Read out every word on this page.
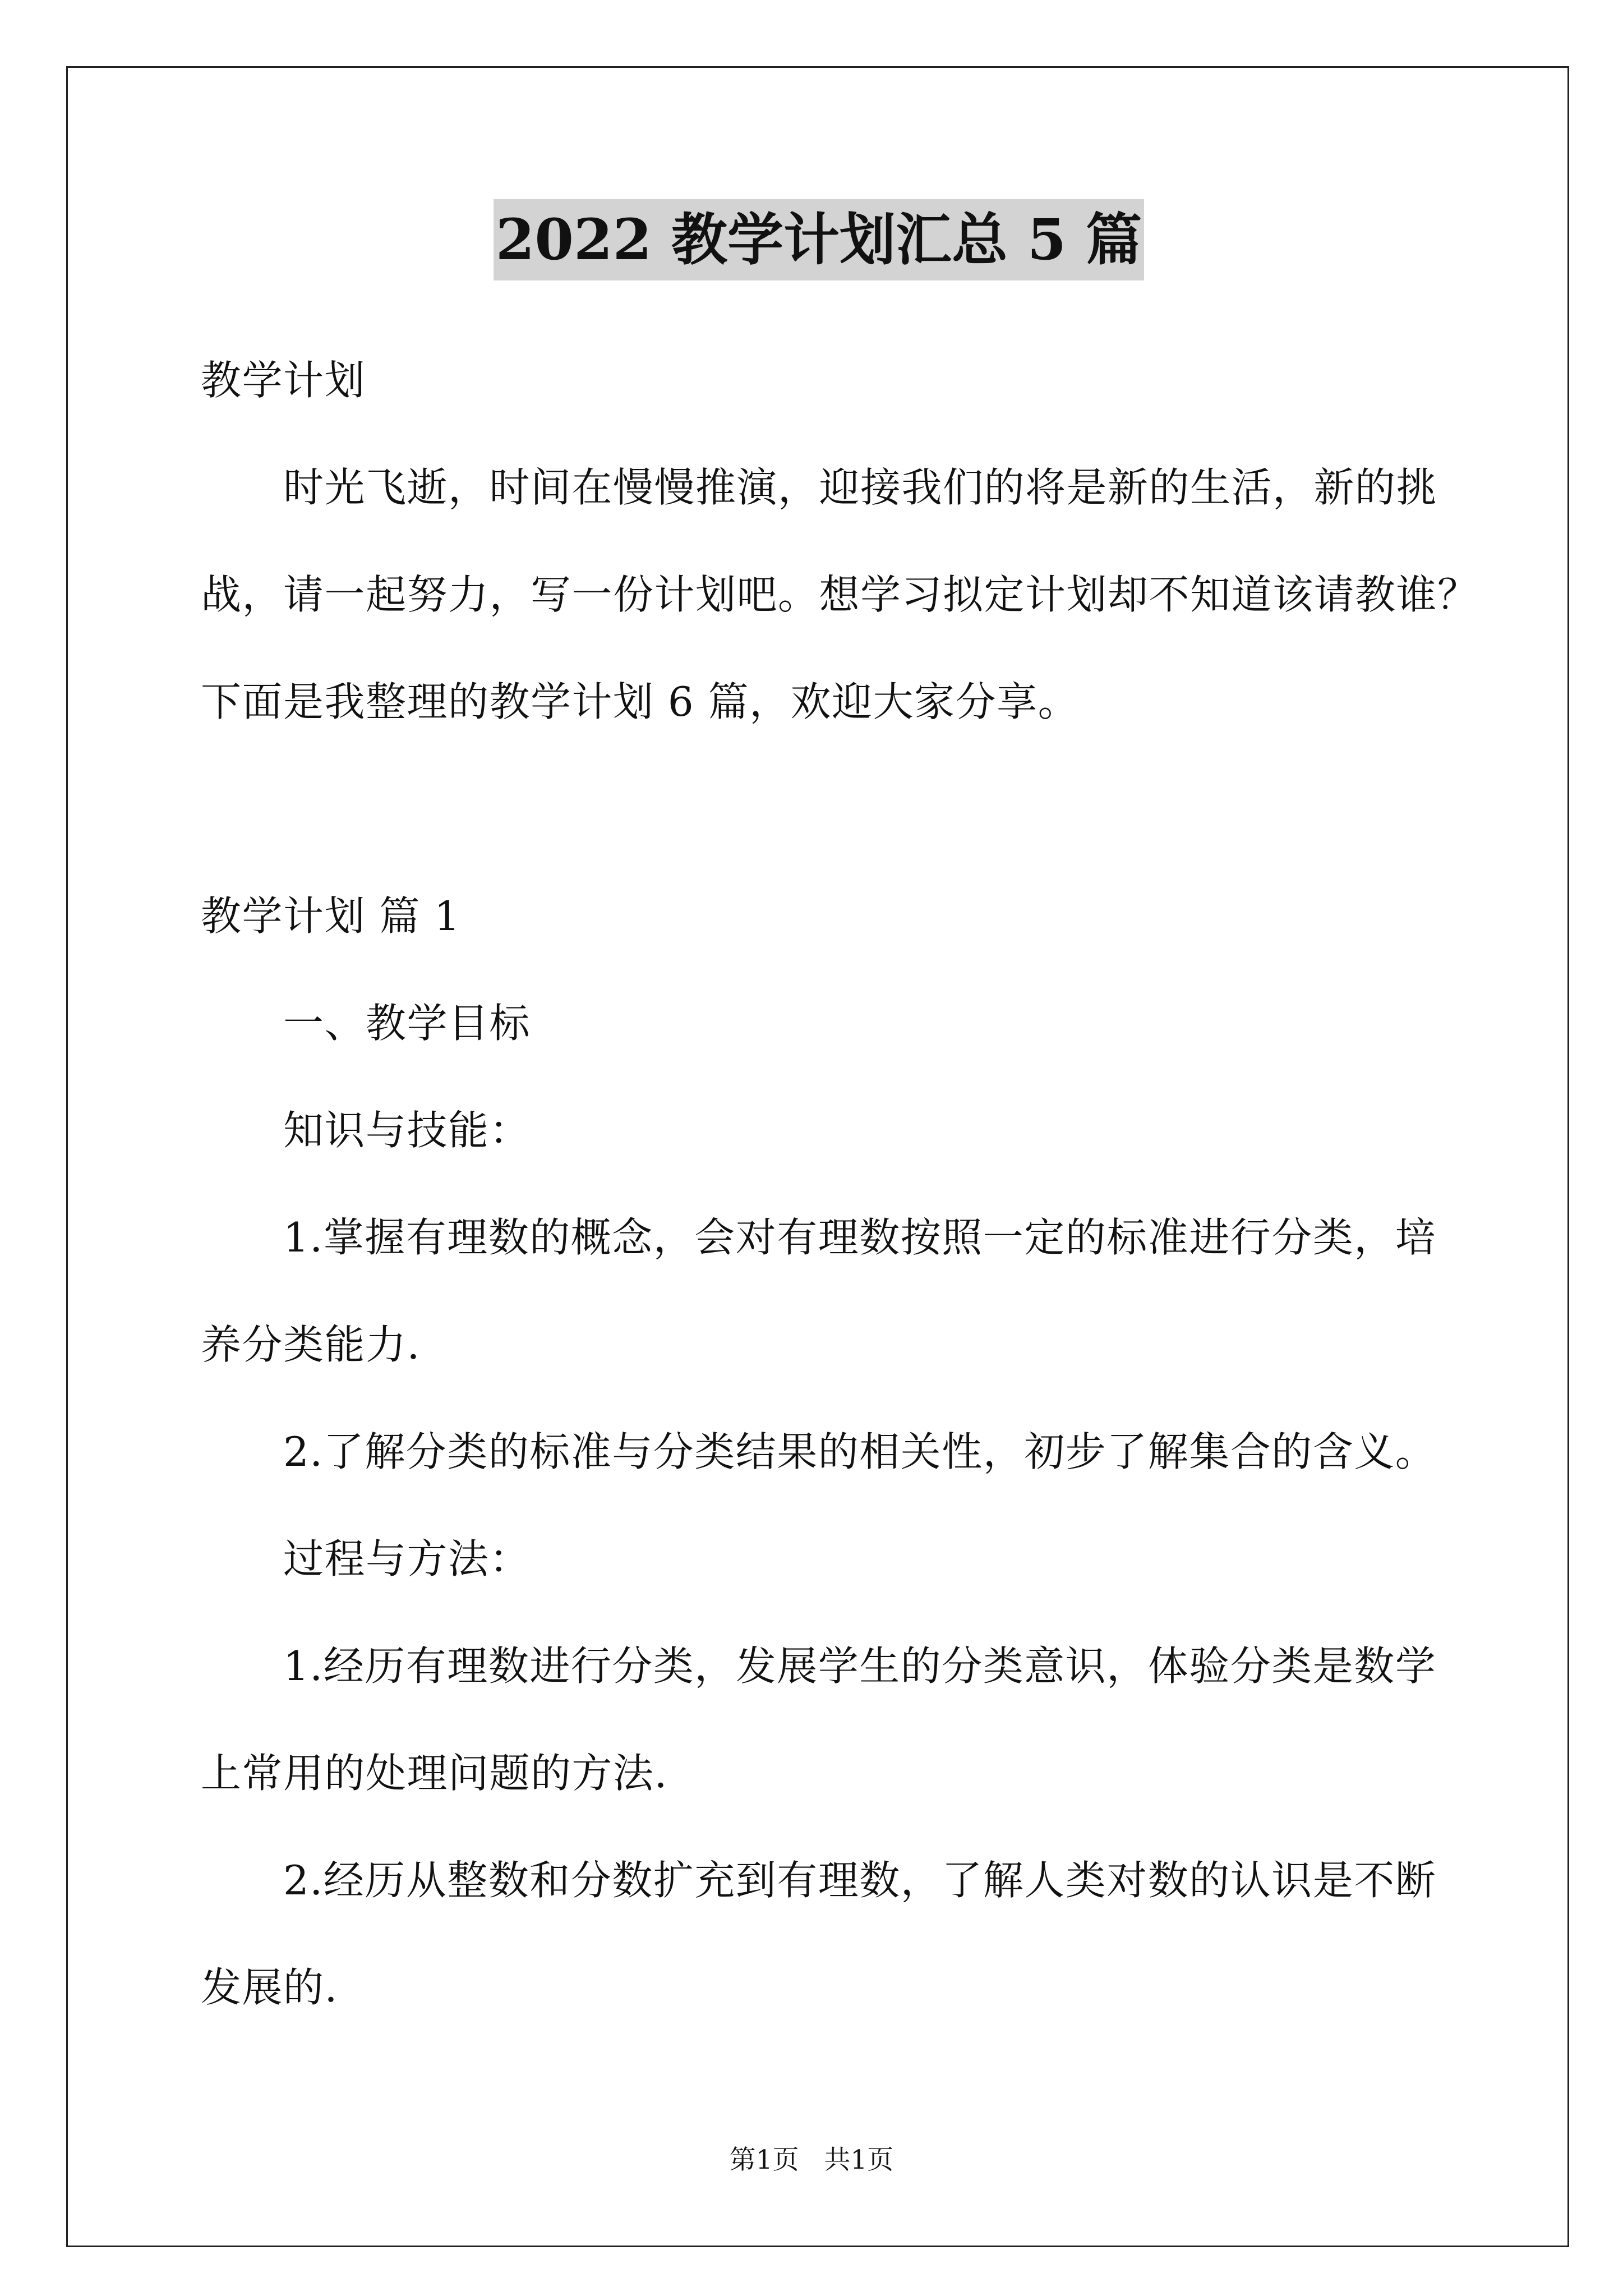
2022 教学计划汇总 5 篇
教学计划
时光飞逝，时间在慢慢推演，迎接我们的将是新的生活，新的挑
战，请一起努力，写一份计划吧。想学习拟定计划却不知道该请教谁？
下面是我整理的教学计划 6 篇，欢迎大家分享。
教学计划 篇 1
一、教学目标
知识与技能：
1.掌握有理数的概念，会对有理数按照一定的标准进行分类，培
养分类能力.
2.了解分类的标准与分类结果的相关性，初步了解集合的含义。
过程与方法：
1.经历有理数进行分类，发展学生的分类意识，体验分类是数学
上常用的处理问题的方法.
2.经历从整数和分数扩充到有理数，了解人类对数的认识是不断
发展的.
第1页   共1页
